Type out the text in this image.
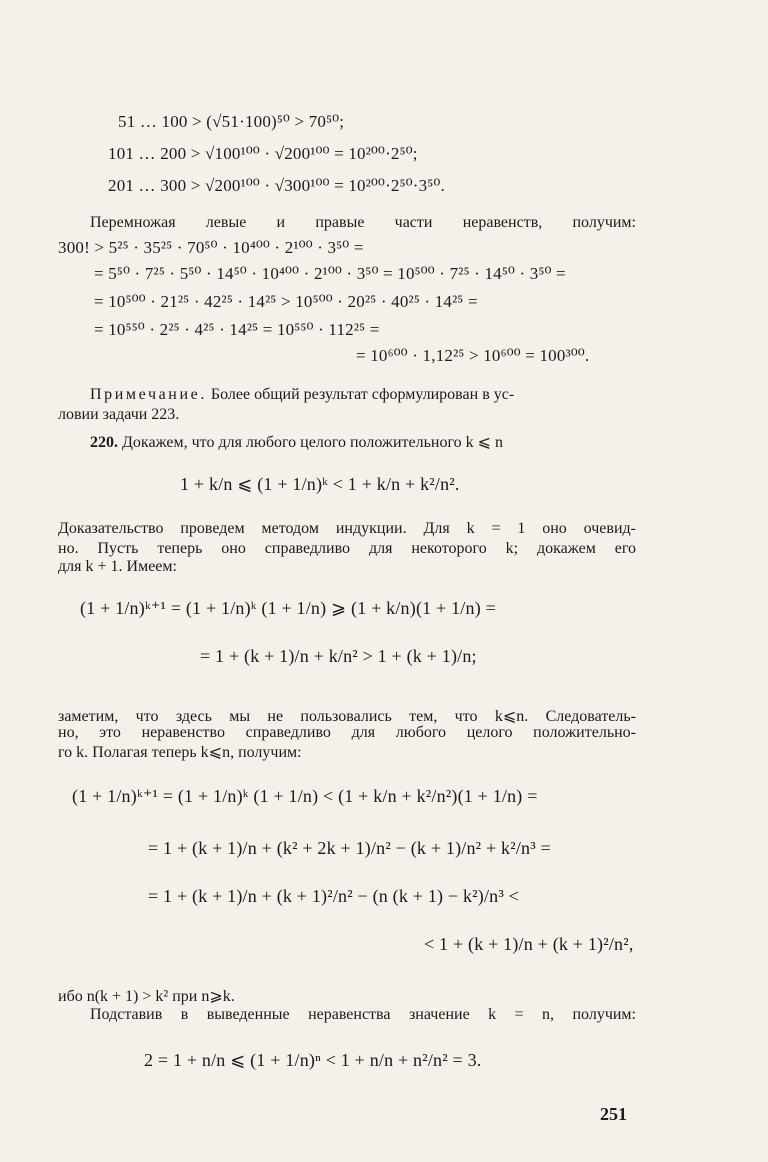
51 … 100 > (√51·100)⁵⁰ > 70⁵⁰;
101 … 200 > √100¹⁰⁰ · √200¹⁰⁰ = 10²⁰⁰·2⁵⁰;
201 … 300 > √200¹⁰⁰ · √300¹⁰⁰ = 10²⁰⁰·2⁵⁰·3⁵⁰.
Перемножая левые и правые части неравенств, получим:
300! > 5²⁵ · 35²⁵ · 70⁵⁰ · 10⁴⁰⁰ · 2¹⁰⁰ · 3⁵⁰ =
= 5⁵⁰ · 7²⁵ · 5⁵⁰ · 14⁵⁰ · 10⁴⁰⁰ · 2¹⁰⁰ · 3⁵⁰ = 10⁵⁰⁰ · 7²⁵ · 14⁵⁰ · 3⁵⁰ =
= 10⁵⁰⁰ · 21²⁵ · 42²⁵ · 14²⁵ > 10⁵⁰⁰ · 20²⁵ · 40²⁵ · 14²⁵ =
= 10⁵⁵⁰ · 2²⁵ · 4²⁵ · 14²⁵ = 10⁵⁵⁰ · 112²⁵ =
= 10⁶⁰⁰ · 1,12²⁵ > 10⁶⁰⁰ = 100³⁰⁰.
Примечание. Более общий результат сформулирован в ус-
ловии задачи 223.
220. Докажем, что для любого целого положительного k ⩽ n
1 + k/n ⩽ (1 + 1/n)ᵏ < 1 + k/n + k²/n².
Доказательство проведем методом индукции. Для k = 1 оно очевид-
но. Пусть теперь оно справедливо для некоторого k; докажем его
для k + 1. Имеем:
(1 + 1/n)ᵏ⁺¹ = (1 + 1/n)ᵏ (1 + 1/n) ⩾ (1 + k/n)(1 + 1/n) =
= 1 + (k + 1)/n + k/n² > 1 + (k + 1)/n;
заметим, что здесь мы не пользовались тем, что k⩽n. Следователь-
но, это неравенство справедливо для любого целого положительно-
го k. Полагая теперь k⩽n, получим:
(1 + 1/n)ᵏ⁺¹ = (1 + 1/n)ᵏ (1 + 1/n) < (1 + k/n + k²/n²)(1 + 1/n) =
= 1 + (k + 1)/n + (k² + 2k + 1)/n² − (k + 1)/n² + k²/n³ =
= 1 + (k + 1)/n + (k + 1)²/n² − (n (k + 1) − k²)/n³ <
< 1 + (k + 1)/n + (k + 1)²/n²,
ибо n(k + 1) > k² при n⩾k.
Подставив в выведенные неравенства значение k = n, получим:
2 = 1 + n/n ⩽ (1 + 1/n)ⁿ < 1 + n/n + n²/n² = 3.
251
